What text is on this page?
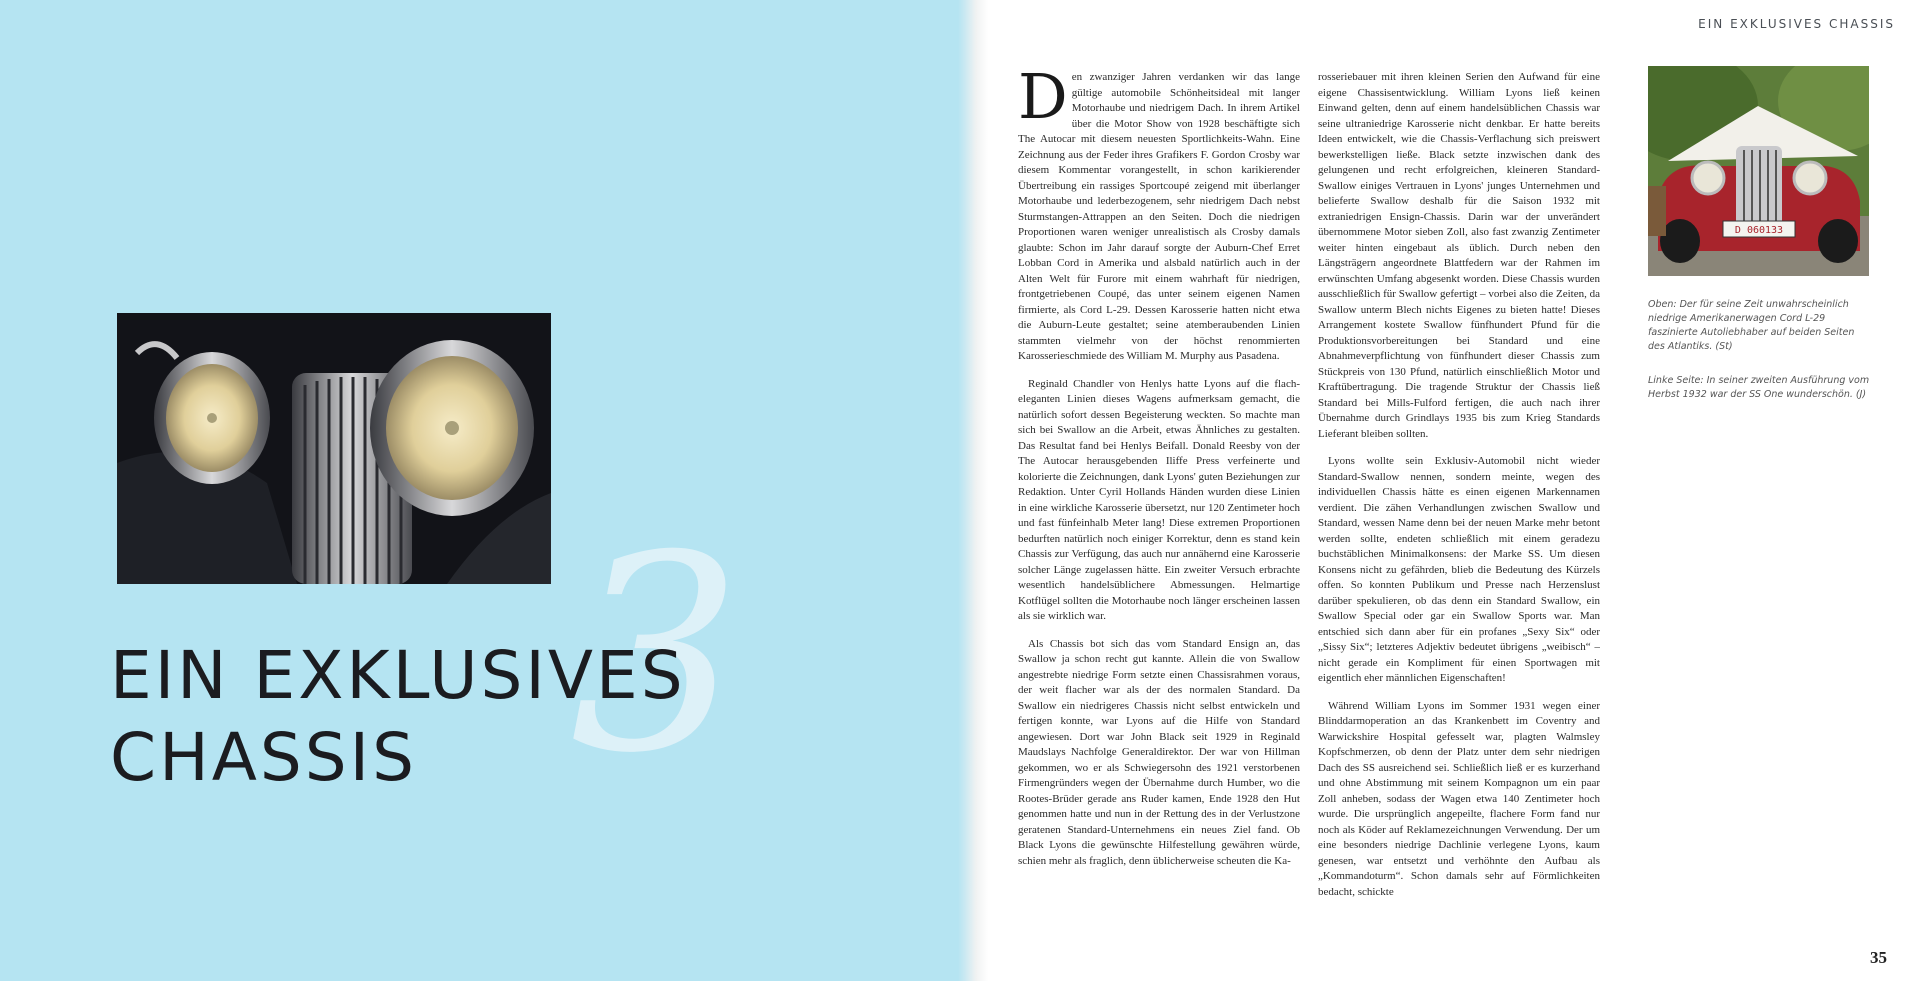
3
EIN EXKLUSIVES
CHASSIS
EIN EXKLUSIVES CHASSIS
35

Den zwanziger Jahren verdanken wir das lange gültige automobile Schönheitsideal mit langer Motorhaube und niedrigem Dach. In ihrem Artikel über die Motor Show von 1928 beschäftigte sich The Autocar mit diesem neuesten Sportlichkeits-Wahn. Eine Zeichnung aus der Feder ihres Grafikers F. Gordon Crosby war diesem Kommentar vorangestellt, in schon karikierender Übertreibung ein rassiges Sportcoupé zeigend mit überlanger Motorhaube und lederbezogenem, sehr niedrigem Dach nebst Sturmstangen-Attrappen an den Seiten. Doch die niedrigen Proportionen waren weniger unrealistisch als Crosby damals glaubte: Schon im Jahr darauf sorgte der Auburn-Chef Erret Lobban Cord in Amerika und alsbald natürlich auch in der Alten Welt für Furore mit einem wahrhaft für niedrigen, frontgetriebenen Coupé, das unter seinem eigenen Namen firmierte, als Cord L-29. Dessen Karosserie hatten nicht etwa die Auburn-Leute gestaltet; seine atemberaubenden Linien stammten vielmehr von der höchst renommierten Karosserieschmiede des William M. Murphy aus Pasadena.

Reginald Chandler von Henlys hatte Lyons auf die flach-eleganten Linien dieses Wagens aufmerksam gemacht, die natürlich sofort dessen Begeisterung weckten. So machte man sich bei Swallow an die Arbeit, etwas Ähnliches zu gestalten. Das Resultat fand bei Henlys Beifall. Donald Reesby von der The Autocar herausgebenden Iliffe Press verfeinerte und kolorierte die Zeichnungen, dank Lyons' guten Beziehungen zur Redaktion. Unter Cyril Hollands Händen wurden diese Linien in eine wirkliche Karosserie übersetzt, nur 120 Zentimeter hoch und fast fünfeinhalb Meter lang! Diese extremen Proportionen bedurften natürlich noch einiger Korrektur, denn es stand kein Chassis zur Verfügung, das auch nur annähernd eine Karosserie solcher Länge zugelassen hätte. Ein zweiter Versuch erbrachte wesentlich handelsüblichere Abmessungen. Helmartige Kotflügel sollten die Motorhaube noch länger erscheinen lassen als sie wirklich war.

Als Chassis bot sich das vom Standard Ensign an, das Swallow ja schon recht gut kannte. Allein die von Swallow angestrebte niedrige Form setzte einen Chassisrahmen voraus, der weit flacher war als der des normalen Standard. Da Swallow ein niedrigeres Chassis nicht selbst entwickeln und fertigen konnte, war Lyons auf die Hilfe von Standard angewiesen. Dort war John Black seit 1929 in Reginald Maudslays Nachfolge Generaldirektor. Der war von Hillman gekommen, wo er als Schwiegersohn des 1921 verstorbenen Firmengründers wegen der Übernahme durch Humber, wo die Rootes-Brüder gerade ans Ruder kamen, Ende 1928 den Hut genommen hatte und nun in der Rettung des in der Verlustzone geratenen Standard-Unternehmens ein neues Ziel fand. Ob Black Lyons die gewünschte Hilfestellung gewähren würde, schien mehr als fraglich, denn üblicherweise scheuten die Ka-

rosseriebauer mit ihren kleinen Serien den Aufwand für eine eigene Chassisentwicklung. William Lyons ließ keinen Einwand gelten, denn auf einem handelsüblichen Chassis war seine ultraniedrige Karosserie nicht denkbar. Er hatte bereits Ideen entwickelt, wie die Chassis-Verflachung sich preiswert bewerkstelligen ließe. Black setzte inzwischen dank des gelungenen und recht erfolgreichen, kleineren Standard-Swallow einiges Vertrauen in Lyons' junges Unternehmen und belieferte Swallow deshalb für die Saison 1932 mit extraniedrigen Ensign-Chassis. Darin war der unverändert übernommene Motor sieben Zoll, also fast zwanzig Zentimeter weiter hinten eingebaut als üblich. Durch neben den Längsträgern angeordnete Blattfedern war der Rahmen im erwünschten Umfang abgesenkt worden. Diese Chassis wurden ausschließlich für Swallow gefertigt – vorbei also die Zeiten, da Swallow unterm Blech nichts Eigenes zu bieten hatte! Dieses Arrangement kostete Swallow fünfhundert Pfund für die Produktionsvorbereitungen bei Standard und eine Abnahmeverpflichtung von fünfhundert dieser Chassis zum Stückpreis von 130 Pfund, natürlich einschließlich Motor und Kraftübertragung. Die tragende Struktur der Chassis ließ Standard bei Mills-Fulford fertigen, die auch nach ihrer Übernahme durch Grindlays 1935 bis zum Krieg Standards Lieferant bleiben sollten.

Lyons wollte sein Exklusiv-Automobil nicht wieder Standard-Swallow nennen, sondern meinte, wegen des individuellen Chassis hätte es einen eigenen Markennamen verdient. Die zähen Verhandlungen zwischen Swallow und Standard, wessen Name denn bei der neuen Marke mehr betont werden sollte, endeten schließlich mit einem geradezu buchstäblichen Minimalkonsens: der Marke SS. Um diesen Konsens nicht zu gefährden, blieb die Bedeutung des Kürzels offen. So konnten Publikum und Presse nach Herzenslust darüber spekulieren, ob das denn ein Standard Swallow, ein Swallow Special oder gar ein Swallow Sports war. Man entschied sich dann aber für ein profanes „Sexy Six“ oder „Sissy Six“; letzteres Adjektiv bedeutet übrigens „weibisch“ – nicht gerade ein Kompliment für einen Sportwagen mit eigentlich eher männlichen Eigenschaften!

Während William Lyons im Sommer 1931 wegen einer Blinddarmoperation an das Krankenbett im Coventry and Warwickshire Hospital gefesselt war, plagten Walmsley Kopfschmerzen, ob denn der Platz unter dem sehr niedrigen Dach des SS ausreichend sei. Schließlich ließ er es kurzerhand und ohne Abstimmung mit seinem Kompagnon um ein paar Zoll anheben, sodass der Wagen etwa 140 Zentimeter hoch wurde. Die ursprünglich angepeilte, flachere Form fand nur noch als Köder auf Reklamezeichnungen Verwendung. Der um eine besonders niedrige Dachlinie verlegene Lyons, kaum genesen, war entsetzt und verhöhnte den Aufbau als „Kommandoturm“. Schon damals sehr auf Förmlichkeiten bedacht, schickte

D 060133
Oben: Der für seine Zeit unwahrscheinlich niedrige Amerikanerwagen Cord L-29 faszinierte Autoliebhaber auf beiden Seiten des Atlantiks. (St)
Linke Seite: In seiner zweiten Ausführung vom Herbst 1932 war der SS One wunderschön. (J)
